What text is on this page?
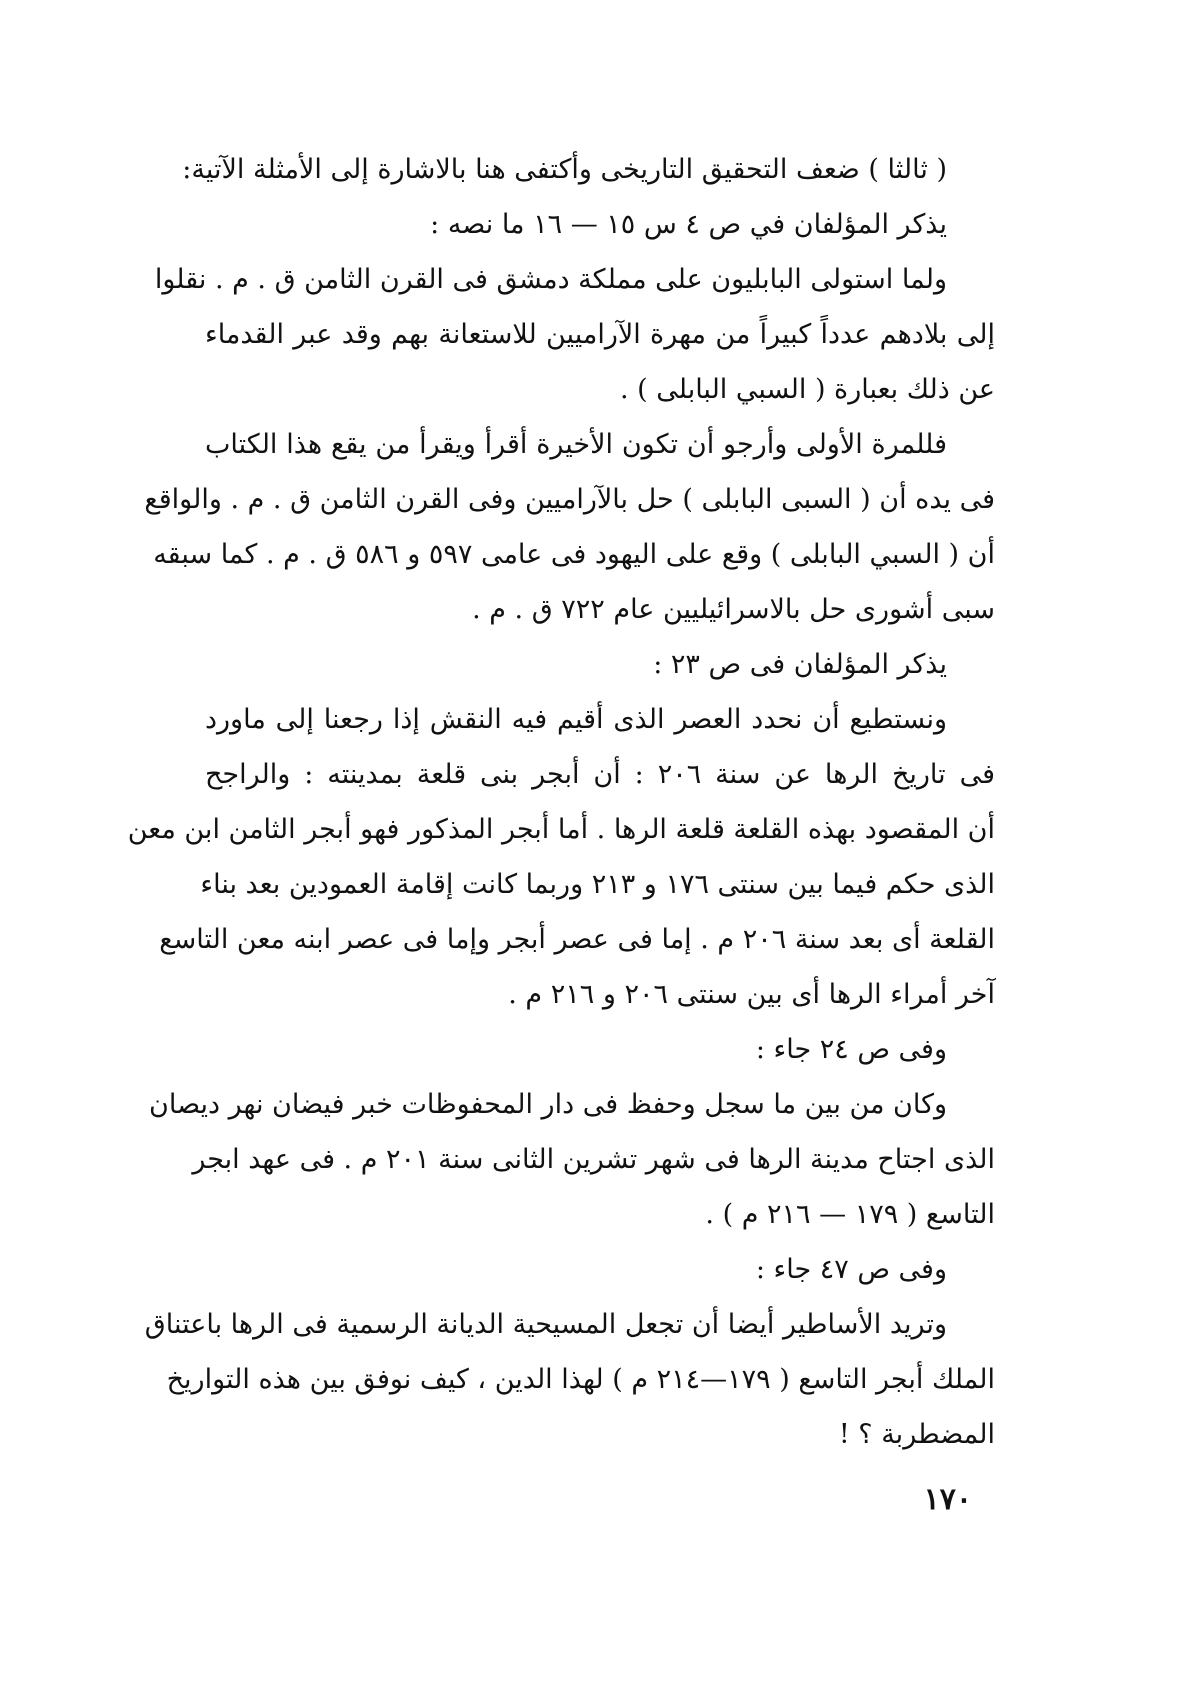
( ثالثا ) ضعف التحقيق التاريخى وأكتفى هنا بالاشارة إلى الأمثلة الآتية:
يذكر المؤلفان في ص ٤ س ١٥ — ١٦ ما نصه :
ولما استولى البابليون على مملكة دمشق فى القرن الثامن ق . م . نقلوا
إلى بلادهم عدداً كبيراً من مهرة الآراميين للاستعانة بهم وقد عبر القدماء
عن ذلك بعبارة ( السبي البابلى ) .
فللمرة الأولى وأرجو أن تكون الأخيرة أقرأ ويقرأ من يقع هذا الكتاب
فى يده أن ( السبى البابلى ) حل بالآراميين وفى القرن الثامن ق . م . والواقع
أن ( السبي البابلى ) وقع على اليهود فى عامى ٥٩٧ و ٥٨٦ ق . م . كما سبقه
سبى أشورى حل بالاسرائيليين عام ٧٢٢ ق . م .
يذكر المؤلفان فى ص ٢٣ :
ونستطيع أن نحدد العصر الذى أقيم فيه النقش إذا رجعنا إلى ماورد
فى تاريخ الرها عن سنة ٢٠٦ : أن أبجر بنى قلعة بمدينته : والراجح
أن المقصود بهذه القلعة قلعة الرها . أما أبجر المذكور فهو أبجر الثامن ابن معن
الذى حكم فيما بين سنتى ١٧٦ و ٢١٣ وربما كانت إقامة العمودين بعد بناء
القلعة أى بعد سنة ٢٠٦ م . إما فى عصر أبجر وإما فى عصر ابنه معن التاسع
آخر أمراء الرها أى بين سنتى ٢٠٦ و ٢١٦ م .
وفى ص ٢٤ جاء :
وكان من بين ما سجل وحفظ فى دار المحفوظات خبر فيضان نهر ديصان
الذى اجتاح مدينة الرها فى شهر تشرين الثانى سنة ٢٠١ م . فى عهد ابجر
التاسع ( ١٧٩ — ٢١٦ م ) .
وفى ص ٤٧ جاء :
وتريد الأساطير أيضا أن تجعل المسيحية الديانة الرسمية فى الرها باعتناق
الملك أبجر التاسع ( ١٧٩—٢١٤ م ) لهذا الدين ، كيف نوفق بين هذه التواريخ
المضطربة ؟ !
١٧٠
